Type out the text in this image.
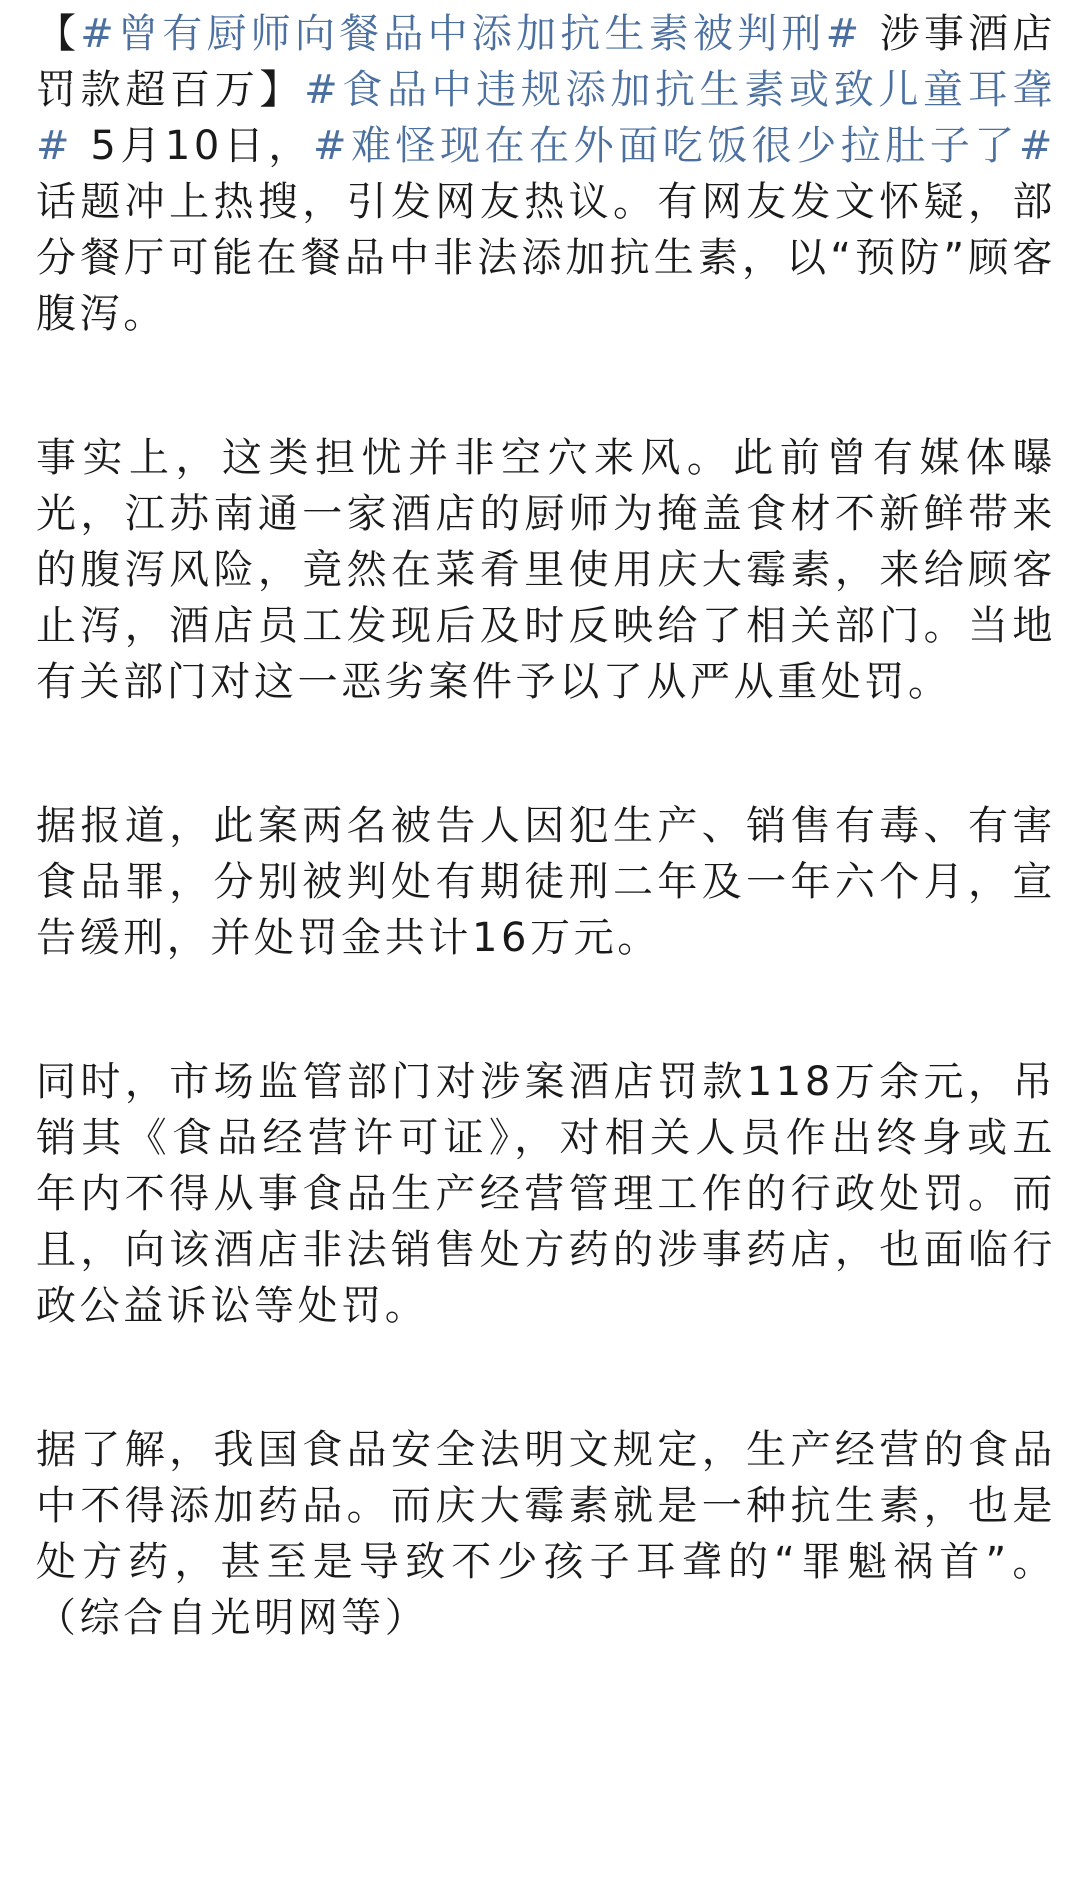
【#曾有厨师向餐品中添加抗生素被判刑# 涉事酒店罚款超百万】#食品中违规添加抗生素或致儿童耳聋# 5月10日，#难怪现在在外面吃饭很少拉肚子了# 话题冲上热搜，引发网友热议。有网友发文怀疑，部分餐厅可能在餐品中非法添加抗生素，以“预防”顾客腹泻。

事实上，这类担忧并非空穴来风。此前曾有媒体曝光，江苏南通一家酒店的厨师为掩盖食材不新鲜带来的腹泻风险，竟然在菜肴里使用庆大霉素，来给顾客止泻，酒店员工发现后及时反映给了相关部门。当地有关部门对这一恶劣案件予以了从严从重处罚。

据报道，此案两名被告人因犯生产、销售有毒、有害食品罪，分别被判处有期徒刑二年及一年六个月，宣告缓刑，并处罚金共计16万元。

同时，市场监管部门对涉案酒店罚款118万余元，吊销其《食品经营许可证》，对相关人员作出终身或五年内不得从事食品生产经营管理工作的行政处罚。而且，向该酒店非法销售处方药的涉事药店，也面临行政公益诉讼等处罚。

据了解，我国食品安全法明文规定，生产经营的食品中不得添加药品。而庆大霉素就是一种抗生素，也是处方药，甚至是导致不少孩子耳聋的“罪魁祸首”。（综合自光明网等）
